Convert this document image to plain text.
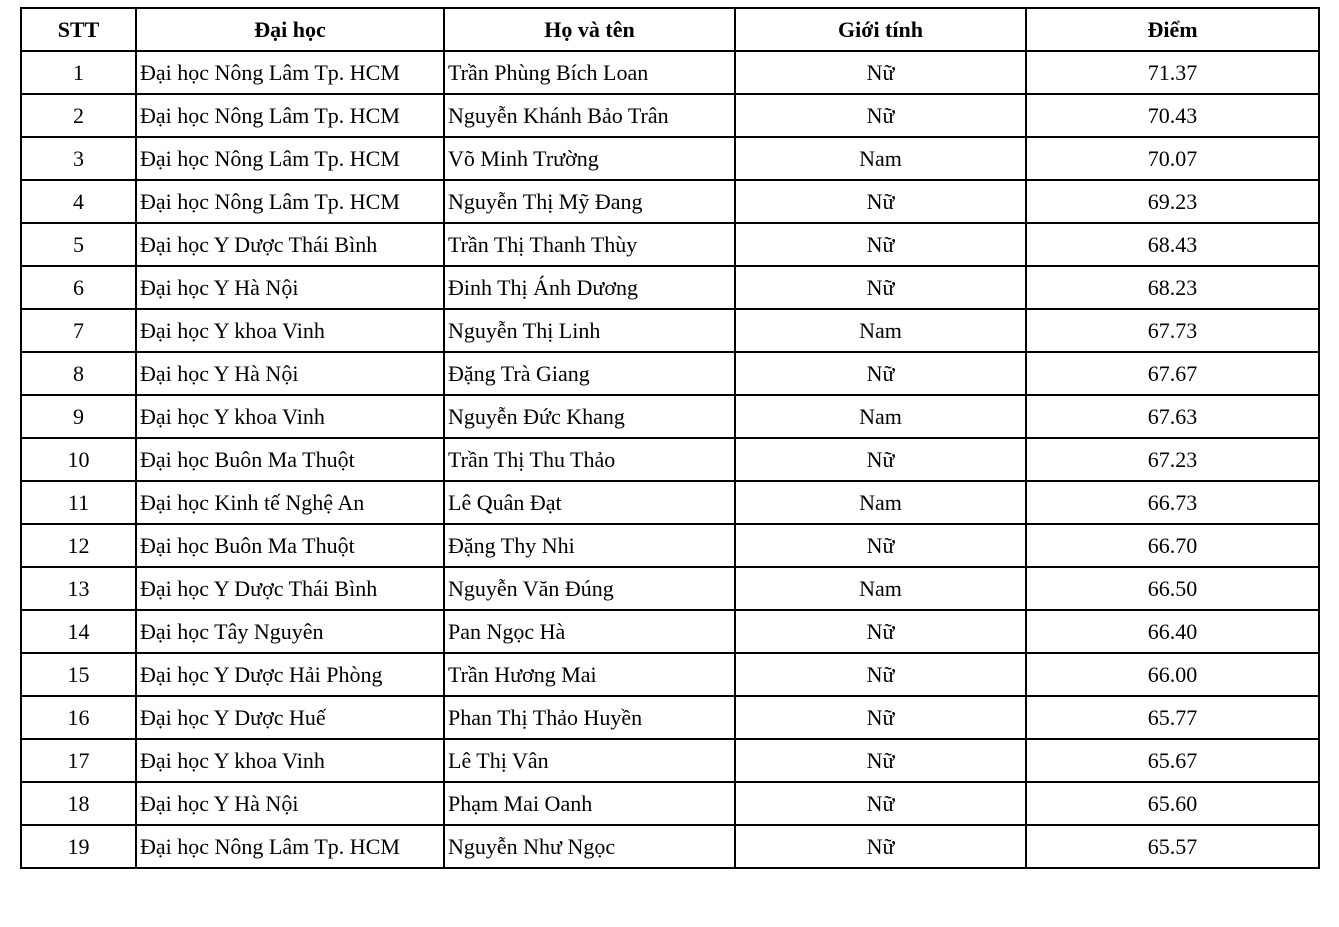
STT	Đại học	Họ và tên	Giới tính	Điểm
1	Đại học Nông Lâm Tp. HCM	Trần Phùng Bích Loan	Nữ	71.37
2	Đại học Nông Lâm Tp. HCM	Nguyễn Khánh Bảo Trân	Nữ	70.43
3	Đại học Nông Lâm Tp. HCM	Võ Minh Trường	Nam	70.07
4	Đại học Nông Lâm Tp. HCM	Nguyễn Thị Mỹ Đang	Nữ	69.23
5	Đại học Y Dược Thái Bình	Trần Thị Thanh Thùy	Nữ	68.43
6	Đại học Y Hà Nội	Đinh Thị Ánh Dương	Nữ	68.23
7	Đại học Y khoa Vinh	Nguyễn Thị Linh	Nam	67.73
8	Đại học Y Hà Nội	Đặng Trà Giang	Nữ	67.67
9	Đại học Y khoa Vinh	Nguyễn Đức Khang	Nam	67.63
10	Đại học Buôn Ma Thuột	Trần Thị Thu Thảo	Nữ	67.23
11	Đại học Kinh tế Nghệ An	Lê Quân Đạt	Nam	66.73
12	Đại học Buôn Ma Thuột	Đặng Thy Nhi	Nữ	66.70
13	Đại học Y Dược Thái Bình	Nguyễn Văn Đúng	Nam	66.50
14	Đại học Tây Nguyên	Pan Ngọc Hà	Nữ	66.40
15	Đại học Y Dược Hải Phòng	Trần Hương Mai	Nữ	66.00
16	Đại học Y Dược Huế	Phan Thị Thảo Huyền	Nữ	65.77
17	Đại học Y khoa Vinh	Lê Thị Vân	Nữ	65.67
18	Đại học Y Hà Nội	Phạm Mai Oanh	Nữ	65.60
19	Đại học Nông Lâm Tp. HCM	Nguyễn Như Ngọc	Nữ	65.57
